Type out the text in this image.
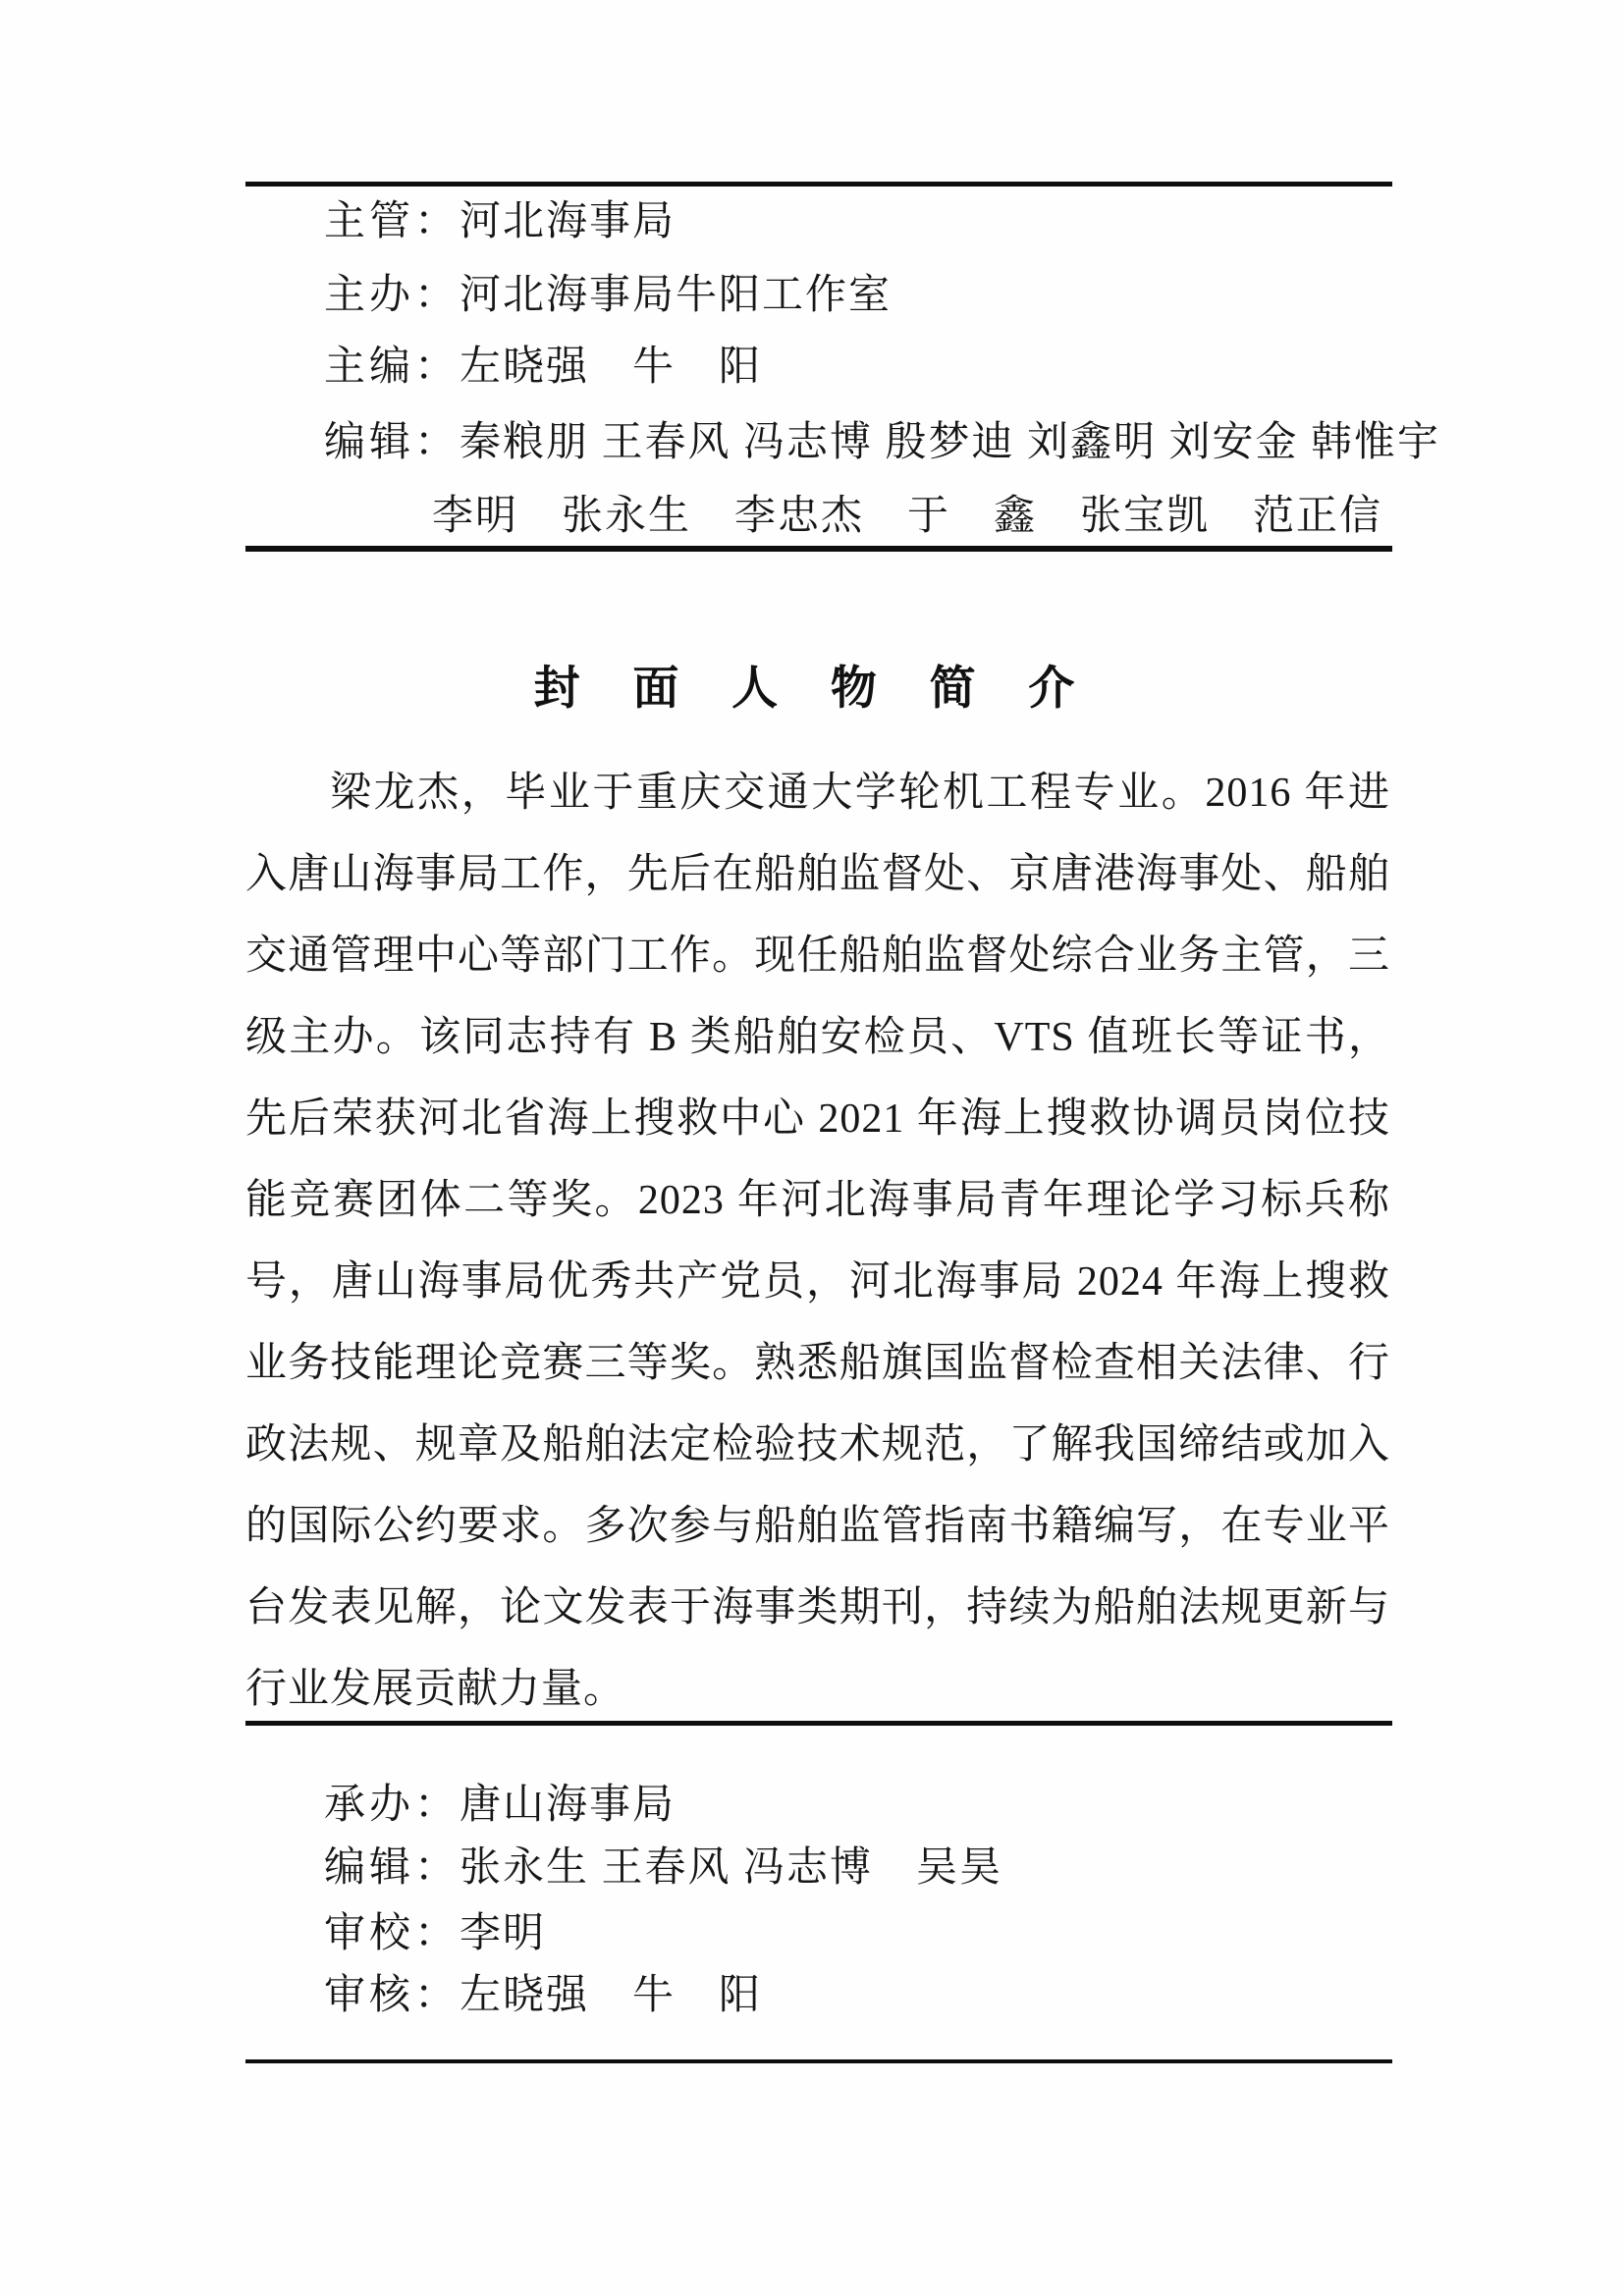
主管：河北海事局
主办：河北海事局牛阳工作室
主编：左晓强　牛　阳
编辑：秦粮朋 王春风 冯志博 殷梦迪 刘鑫明 刘安金 韩惟宇
李明　张永生　李忠杰　于　鑫　张宝凯　范正信
封 面 人 物 简 介

梁龙杰，毕业于重庆交通大学轮机工程专业。2016 年进入唐山海事局工作，先后在船舶监督处、京唐港海事处、船舶交通管理中心等部门工作。现任船舶监督处综合业务主管，三级主办。该同志持有 B 类船舶安检员、VTS 值班长等证书，先后荣获河北省海上搜救中心 2021 年海上搜救协调员岗位技能竞赛团体二等奖。2023 年河北海事局青年理论学习标兵称号，唐山海事局优秀共产党员，河北海事局 2024 年海上搜救业务技能理论竞赛三等奖。熟悉船旗国监督检查相关法律、行政法规、规章及船舶法定检验技术规范，了解我国缔结或加入的国际公约要求。多次参与船舶监管指南书籍编写，在专业平台发表见解，论文发表于海事类期刊，持续为船舶法规更新与行业发展贡献力量。

承办：唐山海事局
编辑：张永生 王春风 冯志博　吴昊
审校：李明
审核：左晓强　牛　阳
